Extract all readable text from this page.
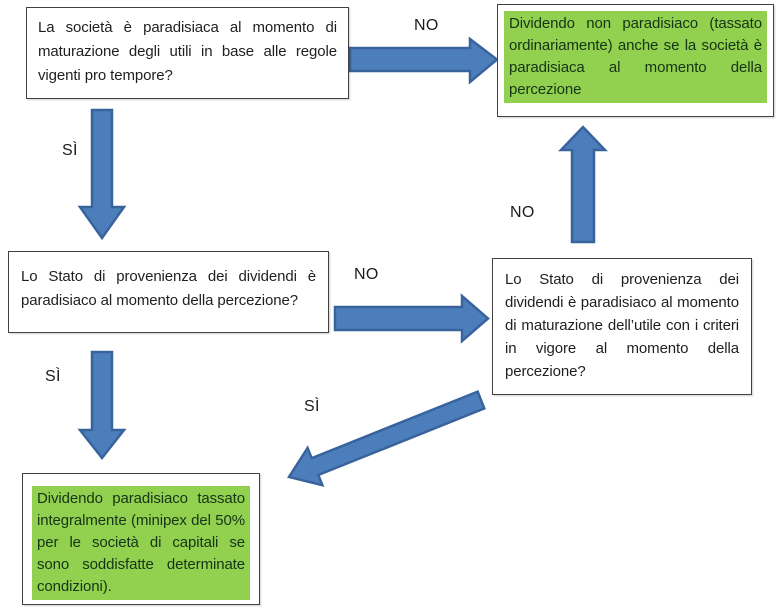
La società è paradisiaca al momento di maturazione degli utili in base alle regole vigenti pro tempore?
Dividendo non paradisiaco (tassato ordinariamente) anche se la società è paradisiaca al momento della percezione
Lo Stato di provenienza dei dividendi è paradisiaco al momento della percezione?
Lo Stato di provenienza dei dividendi è paradisiaco al momento di maturazione dell’utile con i criteri in vigore al momento della percezione?
Dividendo paradisiaco tassato integralmente (minipex del 50% per le società di capitali se sono soddisfatte determinate condizioni).
NO
SÌ
NO
SÌ
NO
SÌ
